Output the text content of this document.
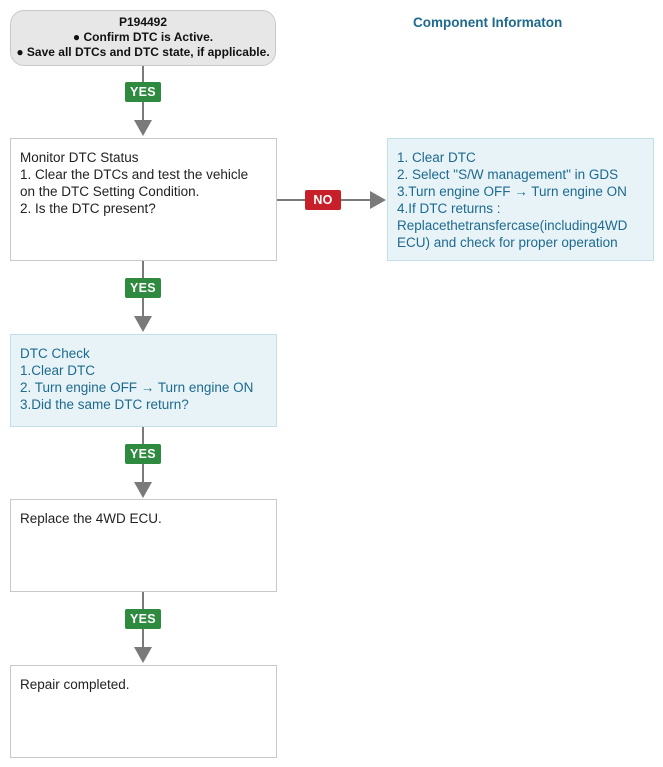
P194492
● Confirm DTC is Active.
● Save all DTCs and DTC state, if applicable.
Component Informaton
YES
Monitor DTC Status
1. Clear the DTCs and test the vehicle
on the DTC Setting Condition.
2. Is the DTC present?
NO
1. Clear DTC
2. Select "S/W management" in GDS
3.Turn engine OFF → Turn engine ON
4.If DTC returns :
Replacethetransfercase(including4WD
ECU) and check for proper operation
YES
DTC Check
1.Clear DTC
2. Turn engine OFF → Turn engine ON
3.Did the same DTC return?
YES
Replace the 4WD ECU.
YES
Repair completed.
